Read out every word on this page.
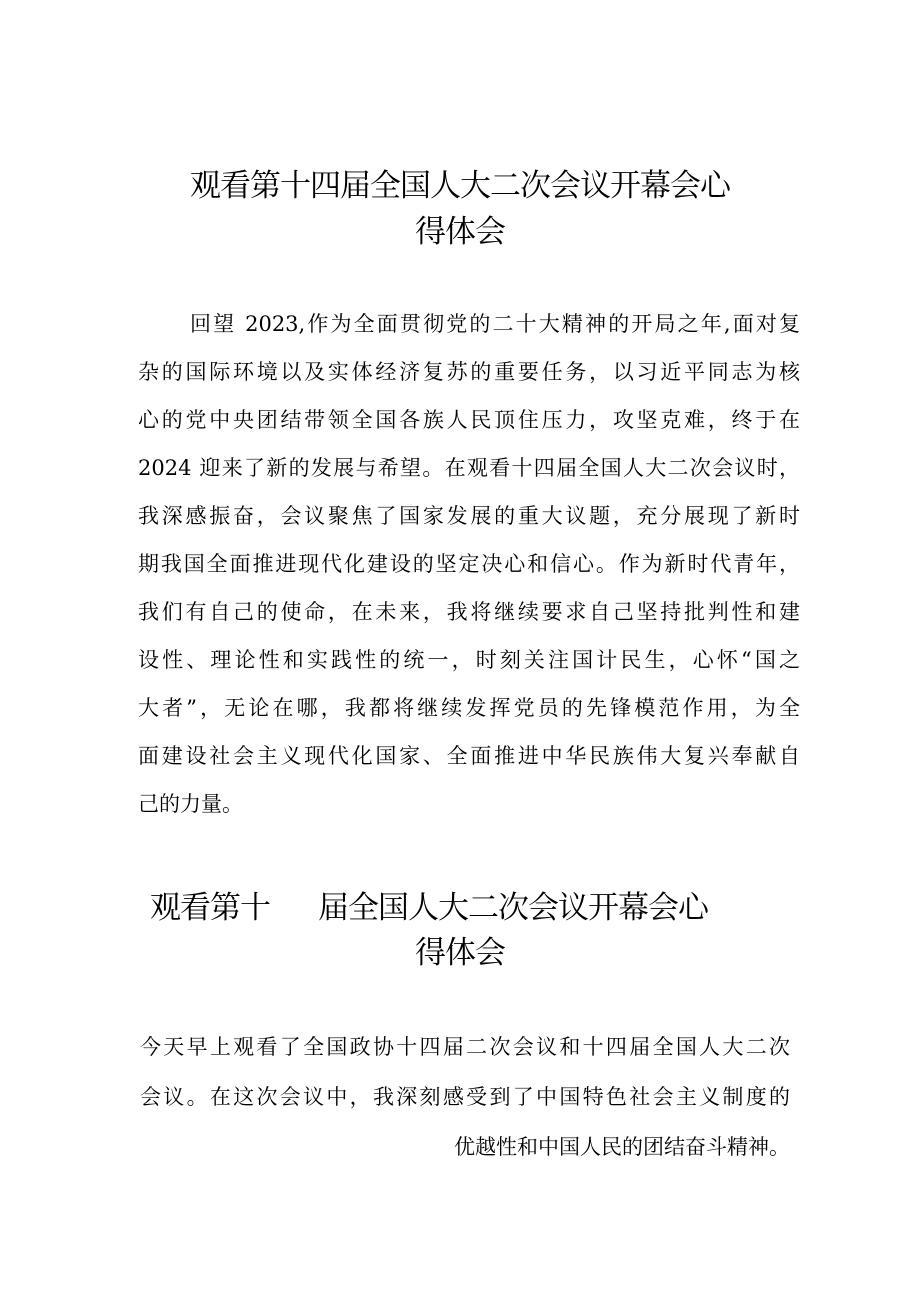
观看第十四届全国人大二次会议开幕会心
得体会
回望 2023,作为全面贯彻党的二十大精神的开局之年,面对复
杂的国际环境以及实体经济复苏的重要任务，以习近平同志为核
心的党中央团结带领全国各族人民顶住压力，攻坚克难，终于在
2024 迎来了新的发展与希望。在观看十四届全国人大二次会议时，
我深感振奋，会议聚焦了国家发展的重大议题，充分展现了新时
期我国全面推进现代化建设的坚定决心和信心。作为新时代青年，
我们有自己的使命，在未来，我将继续要求自己坚持批判性和建
设性、理论性和实践性的统一，时刻关注国计民生，心怀“国之
大者”，无论在哪，我都将继续发挥党员的先锋模范作用，为全
面建设社会主义现代化国家、全面推进中华民族伟大复兴奉献自
己的力量。
观看第十 届全国人大二次会议开幕会心
得体会
今天早上观看了全国政协十四届二次会议和十四届全国人大二次
会议。在这次会议中，我深刻感受到了中国特色社会主义制度的
优越性和中国人民的团结奋斗精神。
